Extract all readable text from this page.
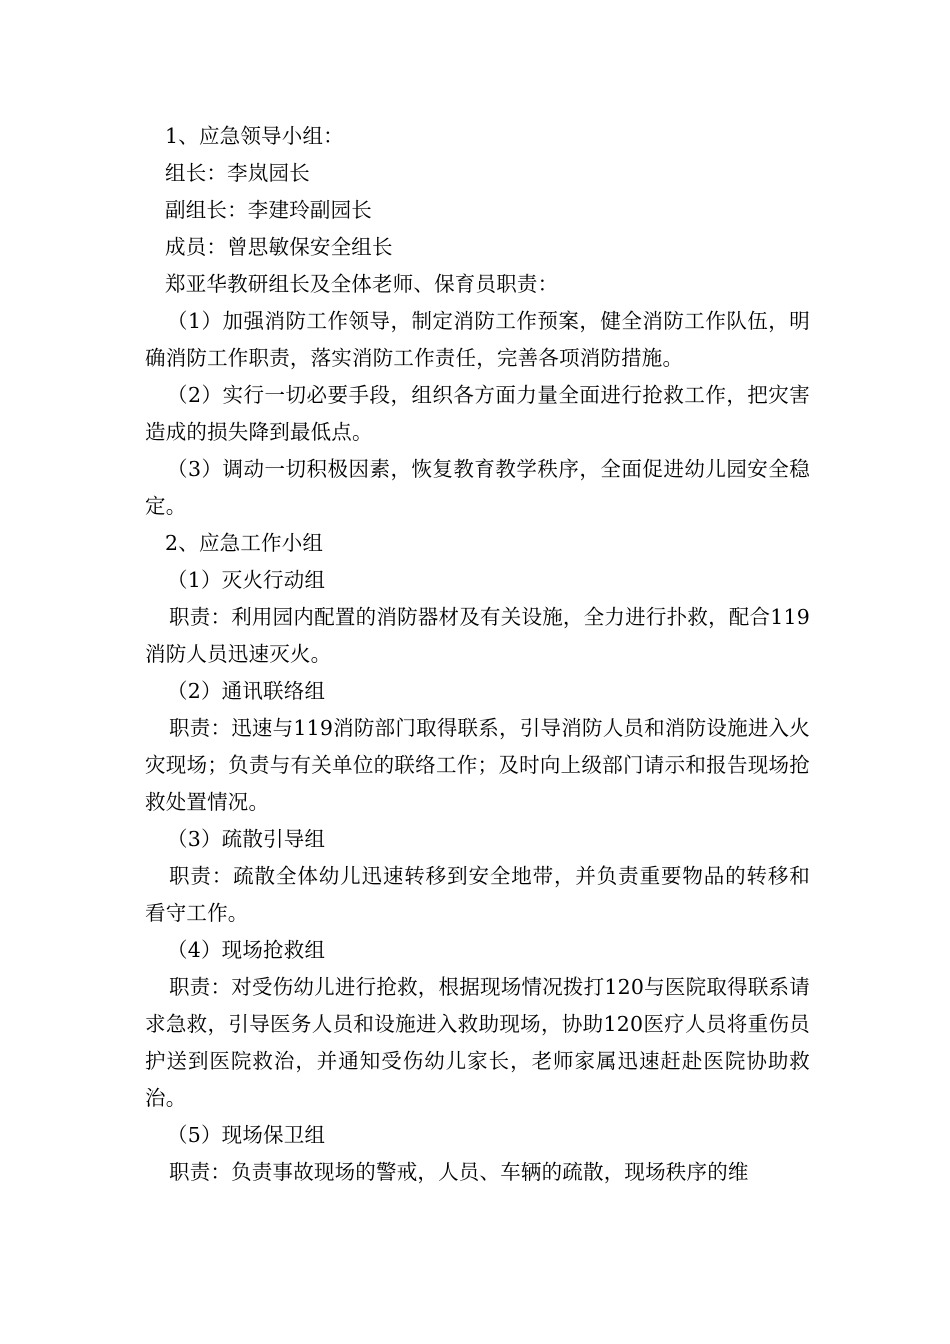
1、应急领导小组：

组长：李岚园长

副组长：李建玲副园长

成员：曾思敏保安全组长

郑亚华教研组长及全体老师、保育员职责：

（1）加强消防工作领导，制定消防工作预案，健全消防工作队伍，明确消防工作职责，落实消防工作责任，完善各项消防措施。

（2）实行一切必要手段，组织各方面力量全面进行抢救工作，把灾害造成的损失降到最低点。

（3）调动一切积极因素，恢复教育教学秩序，全面促进幼儿园安全稳定。

2、应急工作小组

（1）灭火行动组

职责：利用园内配置的消防器材及有关设施，全力进行扑救，配合119消防人员迅速灭火。

（2）通讯联络组

职责：迅速与119消防部门取得联系，引导消防人员和消防设施进入火灾现场；负责与有关单位的联络工作；及时向上级部门请示和报告现场抢救处置情况。

（3）疏散引导组

职责：疏散全体幼儿迅速转移到安全地带，并负责重要物品的转移和看守工作。

（4）现场抢救组

职责：对受伤幼儿进行抢救，根据现场情况拨打120与医院取得联系请求急救，引导医务人员和设施进入救助现场，协助120医疗人员将重伤员护送到医院救治，并通知受伤幼儿家长，老师家属迅速赶赴医院协助救治。

（5）现场保卫组

职责：负责事故现场的警戒，人员、车辆的疏散，现场秩序的维
